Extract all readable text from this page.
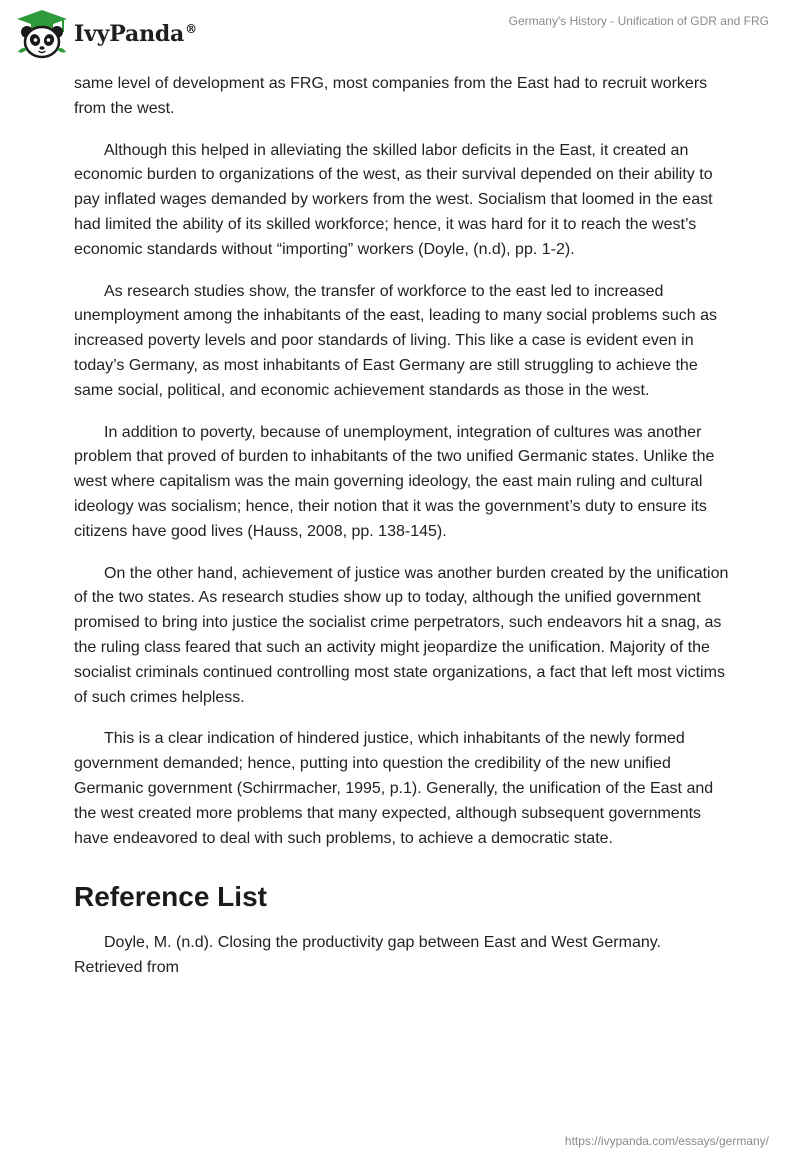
IvyPanda®
Germany's History - Unification of GDR and FRG

same level of development as FRG, most companies from the East had to recruit workers from the west.

Although this helped in alleviating the skilled labor deficits in the East, it created an economic burden to organizations of the west, as their survival depended on their ability to pay inflated wages demanded by workers from the west. Socialism that loomed in the east had limited the ability of its skilled workforce; hence, it was hard for it to reach the west’s economic standards without “importing” workers (Doyle, (n.d), pp. 1-2).

As research studies show, the transfer of workforce to the east led to increased unemployment among the inhabitants of the east, leading to many social problems such as increased poverty levels and poor standards of living. This like a case is evident even in today’s Germany, as most inhabitants of East Germany are still struggling to achieve the same social, political, and economic achievement standards as those in the west.

In addition to poverty, because of unemployment, integration of cultures was another problem that proved of burden to inhabitants of the two unified Germanic states. Unlike the west where capitalism was the main governing ideology, the east main ruling and cultural ideology was socialism; hence, their notion that it was the government’s duty to ensure its citizens have good lives (Hauss, 2008, pp. 138-145).

On the other hand, achievement of justice was another burden created by the unification of the two states. As research studies show up to today, although the unified government promised to bring into justice the socialist crime perpetrators, such endeavors hit a snag, as the ruling class feared that such an activity might jeopardize the unification. Majority of the socialist criminals continued controlling most state organizations, a fact that left most victims of such crimes helpless.

This is a clear indication of hindered justice, which inhabitants of the newly formed government demanded; hence, putting into question the credibility of the new unified Germanic government (Schirrmacher, 1995, p.1). Generally, the unification of the East and the west created more problems that many expected, although subsequent governments have endeavored to deal with such problems, to achieve a democratic state.

Reference List

Doyle, M. (n.d). Closing the productivity gap between East and West Germany. Retrieved from

https://ivypanda.com/essays/germany/
